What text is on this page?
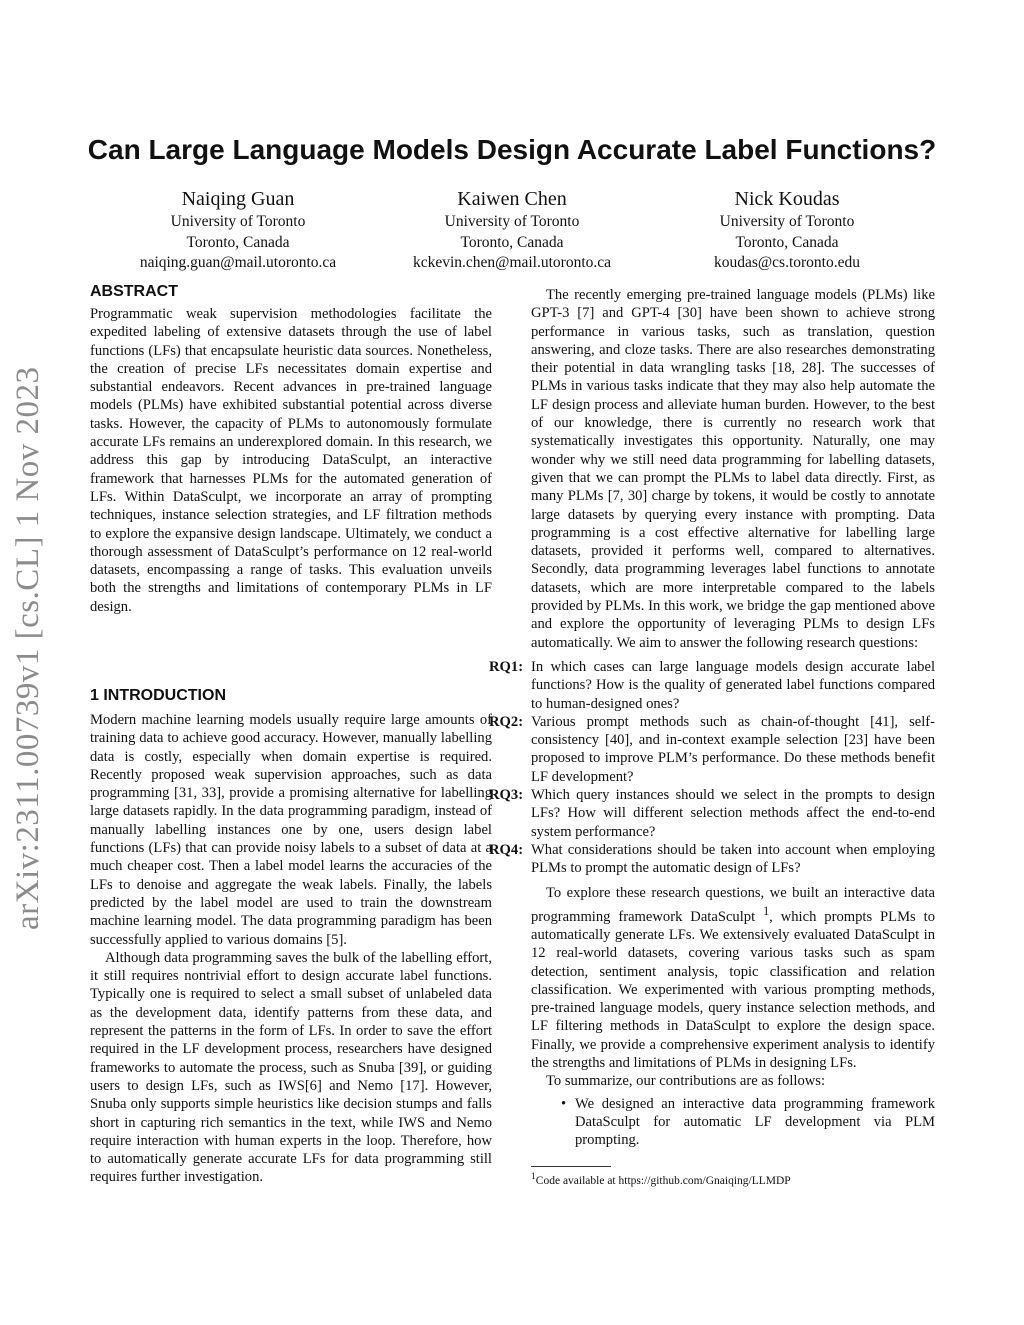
arXiv:2311.00739v1 [cs.CL] 1 Nov 2023
Can Large Language Models Design Accurate Label Functions?
Naiqing Guan
University of Toronto
Toronto, Canada
naiqing.guan@mail.utoronto.ca
Kaiwen Chen
University of Toronto
Toronto, Canada
kckevin.chen@mail.utoronto.ca
Nick Koudas
University of Toronto
Toronto, Canada
koudas@cs.toronto.edu
ABSTRACT

Programmatic weak supervision methodologies facilitate the expedited labeling of extensive datasets through the use of label functions (LFs) that encapsulate heuristic data sources. Nonetheless, the creation of precise LFs necessitates domain expertise and substantial endeavors. Recent advances in pre-trained language models (PLMs) have exhibited substantial potential across diverse tasks. However, the capacity of PLMs to autonomously formulate accurate LFs remains an underexplored domain. In this research, we address this gap by introducing DataSculpt, an interactive framework that harnesses PLMs for the automated generation of LFs. Within DataSculpt, we incorporate an array of prompting techniques, instance selection strategies, and LF filtration methods to explore the expansive design landscape. Ultimately, we conduct a thorough assessment of DataSculpt’s performance on 12 real-world datasets, encompassing a range of tasks. This evaluation unveils both the strengths and limitations of contemporary PLMs in LF design.

1 INTRODUCTION

Modern machine learning models usually require large amounts of training data to achieve good accuracy. However, manually labelling data is costly, especially when domain expertise is required. Recently proposed weak supervision approaches, such as data programming [31, 33], provide a promising alternative for labelling large datasets rapidly. In the data programming paradigm, instead of manually labelling instances one by one, users design label functions (LFs) that can provide noisy labels to a subset of data at a much cheaper cost. Then a label model learns the accuracies of the LFs to denoise and aggregate the weak labels. Finally, the labels predicted by the label model are used to train the downstream machine learning model. The data programming paradigm has been successfully applied to various domains [5].

Although data programming saves the bulk of the labelling effort, it still requires nontrivial effort to design accurate label functions. Typically one is required to select a small subset of unlabeled data as the development data, identify patterns from these data, and represent the patterns in the form of LFs. In order to save the effort required in the LF development process, researchers have designed frameworks to automate the process, such as Snuba [39], or guiding users to design LFs, such as IWS[6] and Nemo [17]. However, Snuba only supports simple heuristics like decision stumps and falls short in capturing rich semantics in the text, while IWS and Nemo require interaction with human experts in the loop. Therefore, how to automatically generate accurate LFs for data programming still requires further investigation.

The recently emerging pre-trained language models (PLMs) like GPT-3 [7] and GPT-4 [30] have been shown to achieve strong performance in various tasks, such as translation, question answering, and cloze tasks. There are also researches demonstrating their potential in data wrangling tasks [18, 28]. The successes of PLMs in various tasks indicate that they may also help automate the LF design process and alleviate human burden. However, to the best of our knowledge, there is currently no research work that systematically investigates this opportunity. Naturally, one may wonder why we still need data programming for labelling datasets, given that we can prompt the PLMs to label data directly. First, as many PLMs [7, 30] charge by tokens, it would be costly to annotate large datasets by querying every instance with prompting. Data programming is a cost effective alternative for labelling large datasets, provided it performs well, compared to alternatives. Secondly, data programming leverages label functions to annotate datasets, which are more interpretable compared to the labels provided by PLMs. In this work, we bridge the gap mentioned above and explore the opportunity of leveraging PLMs to design LFs automatically. We aim to answer the following research questions:

RQ1: In which cases can large language models design accurate label functions? How is the quality of generated label functions compared to human-designed ones?

RQ2: Various prompt methods such as chain-of-thought [41], self-consistency [40], and in-context example selection [23] have been proposed to improve PLM’s performance. Do these methods benefit LF development?

RQ3: Which query instances should we select in the prompts to design LFs? How will different selection methods affect the end-to-end system performance?

RQ4: What considerations should be taken into account when employing PLMs to prompt the automatic design of LFs?

To explore these research questions, we built an interactive data programming framework DataSculpt $^1$, which prompts PLMs to automatically generate LFs. We extensively evaluated DataSculpt in 12 real-world datasets, covering various tasks such as spam detection, sentiment analysis, topic classification and relation classification. We experimented with various prompting methods, pre-trained language models, query instance selection methods, and LF filtering methods in DataSculpt to explore the design space. Finally, we provide a comprehensive experiment analysis to identify the strengths and limitations of PLMs in designing LFs.

To summarize, our contributions are as follows:

• We designed an interactive data programming framework DataSculpt for automatic LF development via PLM prompting.

$^1$Code available at https://github.com/Gnaiqing/LLMDP
